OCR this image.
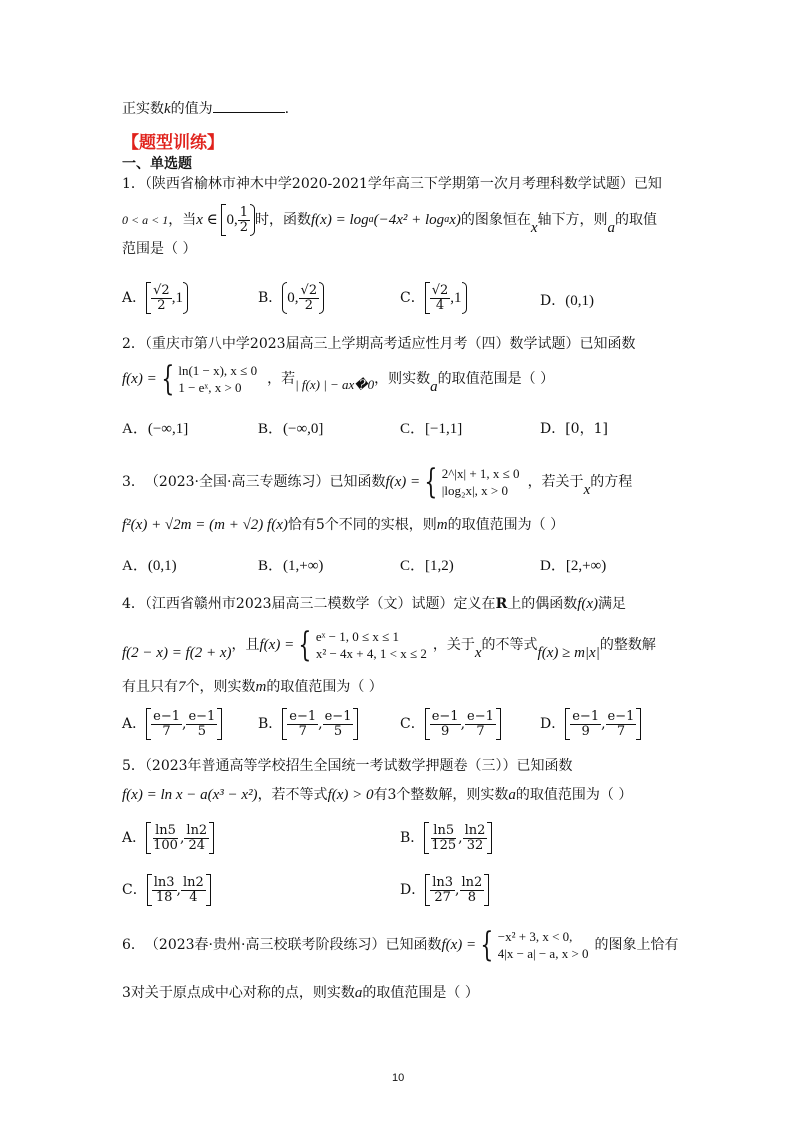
正实数k的值为	.
【题型训练】
一、单选题
1．（陕西省榆林市神木中学2020-2021学年高三下学期第一次月考理科数学试题）已知
0 < a < 1 ，当 x ∈ 0, $\frac{1}{2}$ 时，函数 f(x) = log a (−4x² + log a x) 的图象恒在 x 轴下方，则 a 的取值
范围是（ ）
A． $\frac{√2}{2} ,1$	B． 0, $\frac{√2}{2}$	C． $\frac{√2}{4} ,1$	D．(0,1)
2．（重庆市第八中学2023届高三上学期高考适应性月考（四）数学试题）已知函数
f(x) = { ln(1 − x), x ≤ 0
1 − eˣ, x > 0
，若 | f(x) | − ax�0 ，则实数 a 的取值范围是（ ）
A．(−∞,1]	B．(−∞,0]	C．[−1,1]	D．[0，1]
3． （2023·全国·高三专题练习）已知函数 f(x) = { 2^|x| + 1, x ≤ 0
|log₂x|, x > 0
，若关于 x 的方程
f²(x) + √2m = (m + √2) f(x)恰有5个不同的实根，则m的取值范围为（ ）
A．(0,1)	B．(1,+∞)	C．[1,2)	D．[2,+∞)
4．（江西省赣州市2023届高三二模数学（文）试题）定义在R上的偶函数f(x)满足
f(2 − x) = f(2 + x) ，且 f(x) = { eˣ − 1, 0 ≤ x ≤ 1
x² − 4x + 4, 1 < x ≤ 2
，关于 x 的不等式 f(x) ≥ m|x| 的整数解
有且只有7个，则实数m的取值范围为（ ）
A． $\frac{e-1}{7}$ , $\frac{e-1}{5}$	B． $\frac{e-1}{7}$ , $\frac{e-1}{5}$	C． $\frac{e-1}{9}$ , $\frac{e-1}{7}$	D． $\frac{e-1}{9}$ , $\frac{e-1}{7}$
5．（2023年普通高等学校招生全国统一考试数学押题卷（三））已知函数
f(x) = ln x − a(x³ − x²)，若不等式f(x) > 0有3个整数解，则实数a的取值范围为（ ）
A． $\frac{\ln 5}{100}$ , $\frac{\ln 2}{24}$	B． $\frac{\ln 5}{125}$ , $\frac{\ln 2}{32}$
C． $\frac{\ln 3}{18}$ , $\frac{\ln 2}{4}$	D． $\frac{\ln 3}{27}$ , $\frac{\ln 2}{8}$
6． （2023春·贵州·高三校联考阶段练习）已知函数 f(x) = { −x² + 3, x < 0,
4|x − a| − a, x > 0
的图象上恰有
3对关于原点成中心对称的点，则实数a的取值范围是（ ）
10
